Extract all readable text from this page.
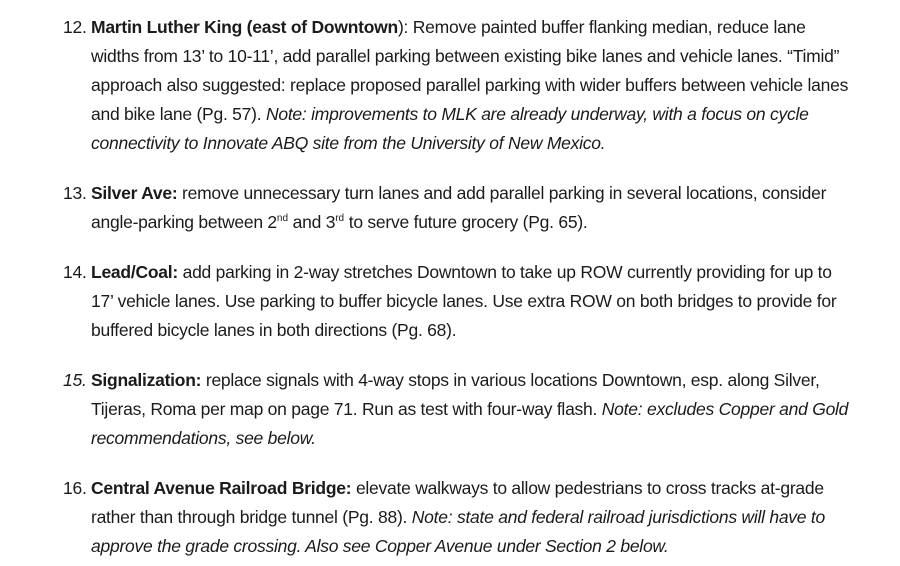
12. Martin Luther King (east of Downtown): Remove painted buffer flanking median, reduce lane widths from 13’ to 10-11’, add parallel parking between existing bike lanes and vehicle lanes. “Timid” approach also suggested: replace proposed parallel parking with wider buffers between vehicle lanes and bike lane (Pg. 57). Note: improvements to MLK are already underway, with a focus on cycle connectivity to Innovate ABQ site from the University of New Mexico.

13. Silver Ave: remove unnecessary turn lanes and add parallel parking in several locations, consider angle-parking between 2nd and 3rd to serve future grocery (Pg. 65).

14. Lead/Coal: add parking in 2-way stretches Downtown to take up ROW currently providing for up to 17’ vehicle lanes. Use parking to buffer bicycle lanes. Use extra ROW on both bridges to provide for buffered bicycle lanes in both directions (Pg. 68).

15. Signalization: replace signals with 4-way stops in various locations Downtown, esp. along Silver, Tijeras, Roma per map on page 71. Run as test with four-way flash. Note: excludes Copper and Gold recommendations, see below.

16. Central Avenue Railroad Bridge: elevate walkways to allow pedestrians to cross tracks at-grade rather than through bridge tunnel (Pg. 88). Note: state and federal railroad jurisdictions will have to approve the grade crossing. Also see Copper Avenue under Section 2 below.
